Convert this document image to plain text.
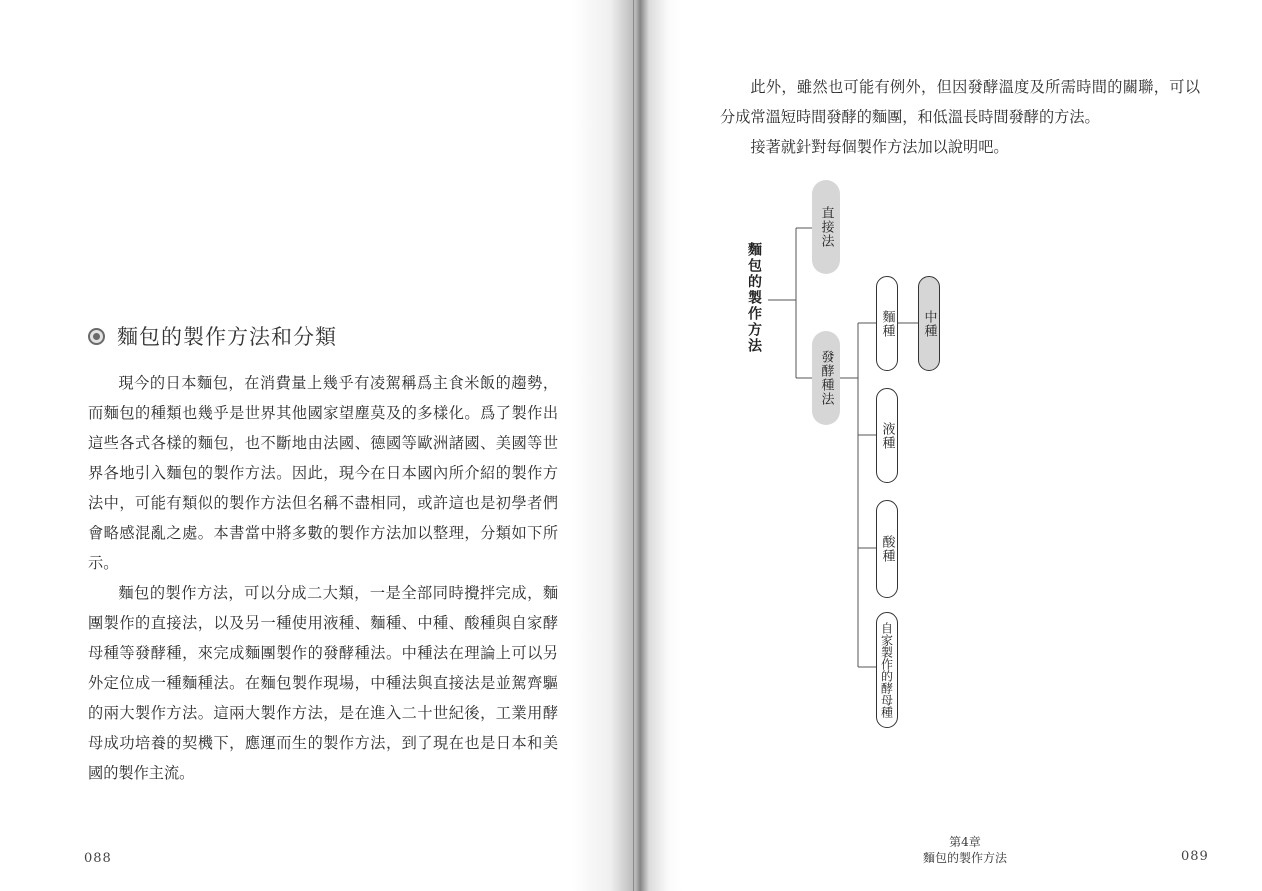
麵包的製作方法和分類

現今的日本麵包，在消費量上幾乎有凌駕稱爲主食米飯的趨勢，而麵包的種類也幾乎是世界其他國家望塵莫及的多樣化。爲了製作出這些各式各樣的麵包，也不斷地由法國、德國等歐洲諸國、美國等世界各地引入麵包的製作方法。因此，現今在日本國內所介紹的製作方法中，可能有類似的製作方法但名稱不盡相同，或許這也是初學者們會略感混亂之處。本書當中將多數的製作方法加以整理，分類如下所示。

麵包的製作方法，可以分成二大類，一是全部同時攪拌完成，麵團製作的直接法，以及另一種使用液種、麵種、中種、酸種與自家酵母種等發酵種，來完成麵團製作的發酵種法。中種法在理論上可以另外定位成一種麵種法。在麵包製作現場，中種法與直接法是並駕齊驅的兩大製作方法。這兩大製作方法，是在進入二十世紀後，工業用酵母成功培養的契機下，應運而生的製作方法，到了現在也是日本和美國的製作主流。

088

此外，雖然也可能有例外，但因發酵溫度及所需時間的關聯，可以分成常溫短時間發酵的麵團，和低溫長時間發酵的方法。

接著就針對每個製作方法加以說明吧。

第4章
麵包的製作方法	089
麵包的製作方法
直接法
發酵種法
麵種 中種
液種
酸種
自家製作的酵母種
